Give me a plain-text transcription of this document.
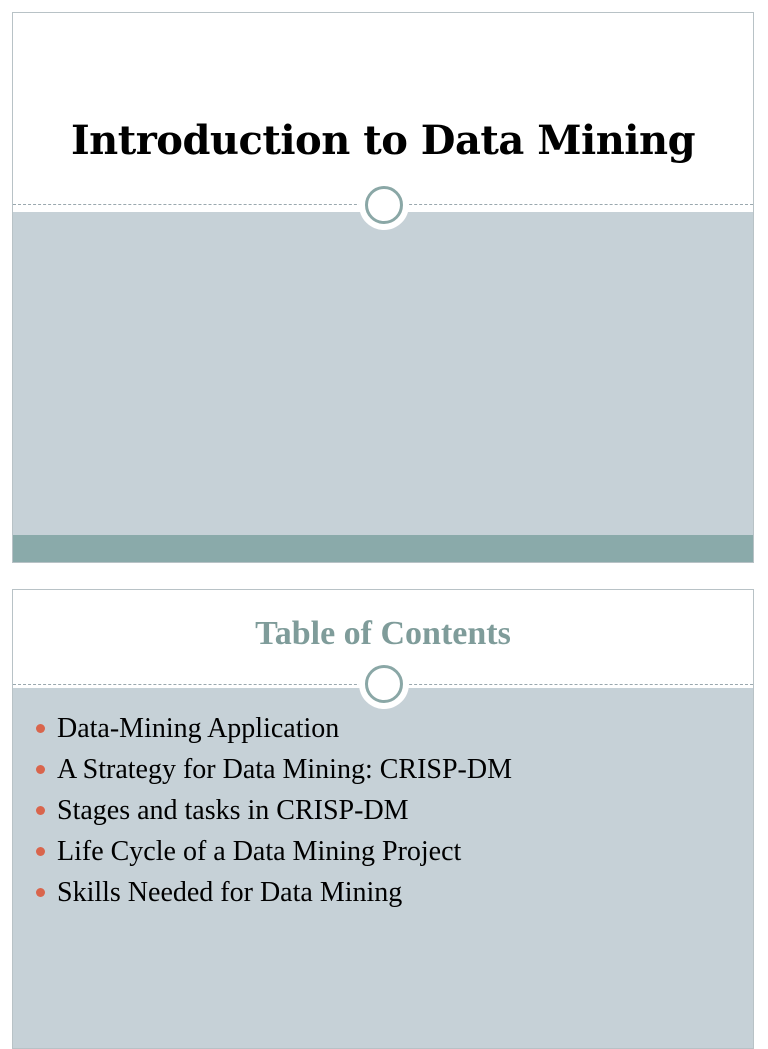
Introduction to Data Mining
Table of Contents
Data-Mining Application
A Strategy for Data Mining: CRISP-DM
Stages and tasks in CRISP-DM
Life Cycle of a Data Mining Project
Skills Needed for Data Mining
